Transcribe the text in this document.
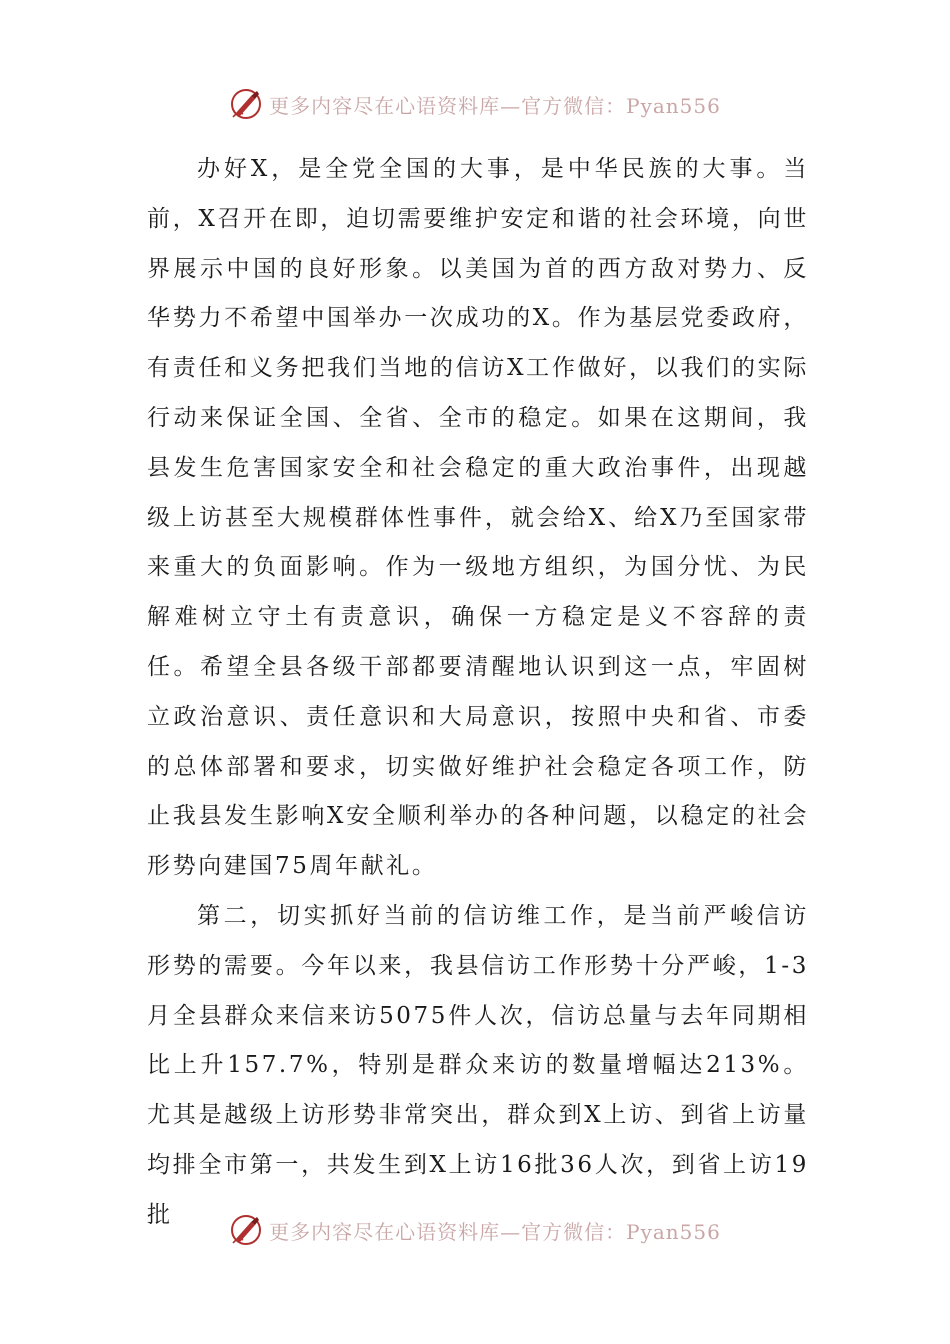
更多内容尽在心语资料库—官方微信：Pyan556

办好X，是全党全国的大事，是中华民族的大事。当前，X召开在即，迫切需要维护安定和谐的社会环境，向世界展示中国的良好形象。以美国为首的西方敌对势力、反华势力不希望中国举办一次成功的X。作为基层党委政府，有责任和义务把我们当地的信访X工作做好，以我们的实际行动来保证全国、全省、全市的稳定。如果在这期间，我县发生危害国家安全和社会稳定的重大政治事件，出现越级上访甚至大规模群体性事件，就会给X、给X乃至国家带来重大的负面影响。作为一级地方组织，为国分忧、为民解难树立守土有责意识，确保一方稳定是义不容辞的责任。希望全县各级干部都要清醒地认识到这一点，牢固树立政治意识、责任意识和大局意识，按照中央和省、市委的总体部署和要求，切实做好维护社会稳定各项工作，防止我县发生影响X安全顺利举办的各种问题，以稳定的社会形势向建国75周年献礼。

第二，切实抓好当前的信访维工作，是当前严峻信访形势的需要。今年以来，我县信访工作形势十分严峻，1-3月全县群众来信来访5075件人次，信访总量与去年同期相比上升157.7%，特别是群众来访的数量增幅达213%。尤其是越级上访形势非常突出，群众到X上访、到省上访量均排全市第一，共发生到X上访16批36人次，到省上访19批

更多内容尽在心语资料库—官方微信：Pyan556
